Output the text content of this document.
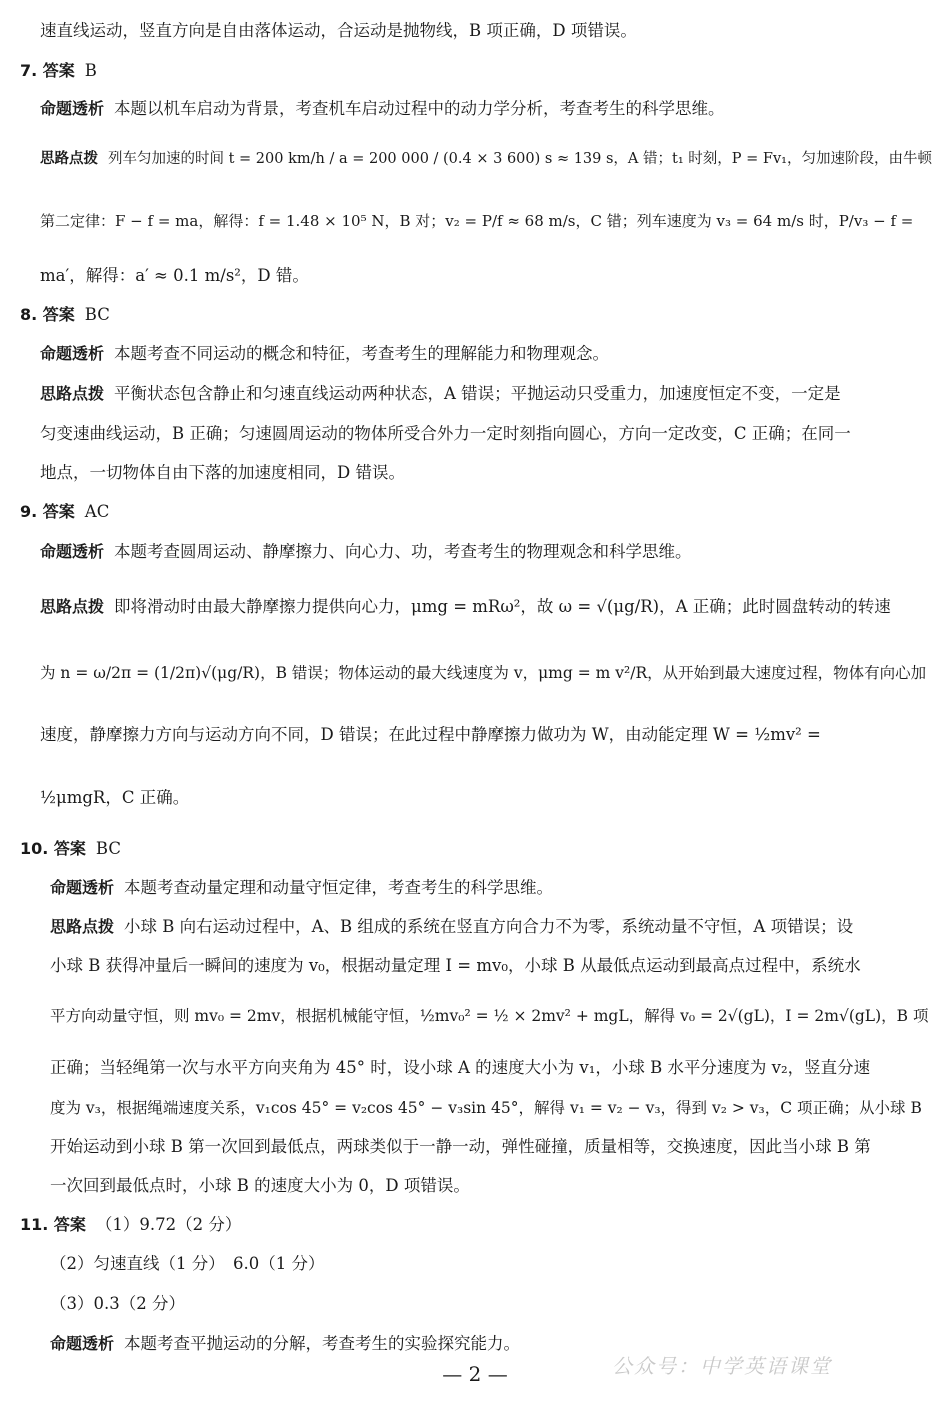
速直线运动，竖直方向是自由落体运动，合运动是抛物线，B 项正确，D 项错误。
7. 答案 B
命题透析 本题以机车启动为背景，考查机车启动过程中的动力学分析，考查考生的科学思维。
思路点拨 列车匀加速的时间 t = 200 km/h / a = 200 000 / (0.4 × 3 600) s ≈ 139 s，A 错；t₁ 时刻，P = Fv₁，匀加速阶段，由牛顿
第二定律：F − f = ma，解得：f = 1.48 × 10⁵ N，B 对；v₂ = P/f ≈ 68 m/s，C 错；列车速度为 v₃ = 64 m/s 时，P/v₃ − f =
ma′，解得：a′ ≈ 0.1 m/s²，D 错。
8. 答案 BC
命题透析 本题考查不同运动的概念和特征，考查考生的理解能力和物理观念。
思路点拨 平衡状态包含静止和匀速直线运动两种状态，A 错误；平抛运动只受重力，加速度恒定不变，一定是
匀变速曲线运动，B 正确；匀速圆周运动的物体所受合外力一定时刻指向圆心，方向一定改变，C 正确；在同一
地点，一切物体自由下落的加速度相同，D 错误。
9. 答案 AC
命题透析 本题考查圆周运动、静摩擦力、向心力、功，考查考生的物理观念和科学思维。
思路点拨 即将滑动时由最大静摩擦力提供向心力，μmg = mRω²，故 ω = √(μg/R)，A 正确；此时圆盘转动的转速
为 n = ω/2π = (1/2π)√(μg/R)，B 错误；物体运动的最大线速度为 v，μmg = m v²/R，从开始到最大速度过程，物体有向心加
速度，静摩擦力方向与运动方向不同，D 错误；在此过程中静摩擦力做功为 W，由动能定理 W = ½mv² =
½μmgR，C 正确。
10. 答案 BC
命题透析 本题考查动量定理和动量守恒定律，考查考生的科学思维。
思路点拨 小球 B 向右运动过程中，A、B 组成的系统在竖直方向合力不为零，系统动量不守恒，A 项错误；设
小球 B 获得冲量后一瞬间的速度为 v₀，根据动量定理 I = mv₀，小球 B 从最低点运动到最高点过程中，系统水
平方向动量守恒，则 mv₀ = 2mv，根据机械能守恒，½mv₀² = ½ × 2mv² + mgL，解得 v₀ = 2√(gL)，I = 2m√(gL)，B 项
正确；当轻绳第一次与水平方向夹角为 45° 时，设小球 A 的速度大小为 v₁，小球 B 水平分速度为 v₂，竖直分速
度为 v₃，根据绳端速度关系，v₁cos 45° = v₂cos 45° − v₃sin 45°，解得 v₁ = v₂ − v₃，得到 v₂ > v₃，C 项正确；从小球 B
开始运动到小球 B 第一次回到最低点，两球类似于一静一动，弹性碰撞，质量相等，交换速度，因此当小球 B 第
一次回到最低点时，小球 B 的速度大小为 0，D 项错误。
11. 答案 （1）9.72（2 分）
（2）匀速直线（1 分）　6.0（1 分）
（3）0.3（2 分）
命题透析 本题考查平抛运动的分解，考查考生的实验探究能力。
— 2 —	公众号：中学英语课堂
